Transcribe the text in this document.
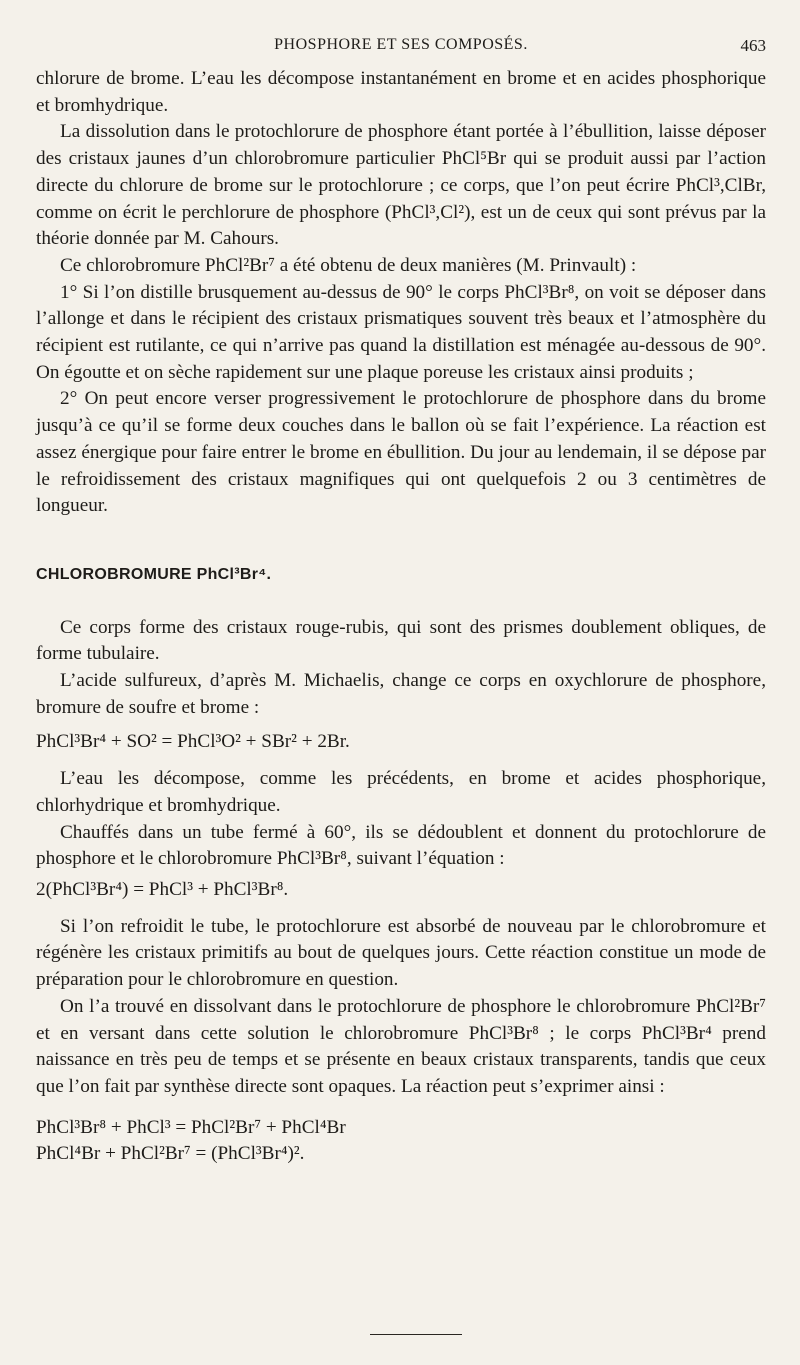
PHOSPHORE ET SES COMPOSÉS.	463

chlorure de brome. L’eau les décompose instantanément en brome et en acides phosphorique et bromhydrique.

La dissolution dans le protochlorure de phosphore étant portée à l’ébullition, laisse déposer des cristaux jaunes d’un chlorobromure particulier PhCl⁵Br qui se produit aussi par l’action directe du chlorure de brome sur le protochlorure ; ce corps, que l’on peut écrire PhCl³,ClBr, comme on écrit le perchlorure de phosphore (PhCl³,Cl²), est un de ceux qui sont prévus par la théorie donnée par M. Cahours.

Ce chlorobromure PhCl²Br⁷ a été obtenu de deux manières (M. Prinvault) :

1° Si l’on distille brusquement au-dessus de 90° le corps PhCl³Br⁸, on voit se déposer dans l’allonge et dans le récipient des cristaux prismatiques souvent très beaux et l’atmosphère du récipient est rutilante, ce qui n’arrive pas quand la distillation est ménagée au-dessous de 90°. On égoutte et on sèche rapidement sur une plaque poreuse les cristaux ainsi produits ;

2° On peut encore verser progressivement le protochlorure de phosphore dans du brome jusqu’à ce qu’il se forme deux couches dans le ballon où se fait l’expérience. La réaction est assez énergique pour faire entrer le brome en ébullition. Du jour au lendemain, il se dépose par le refroidissement des cristaux magnifiques qui ont quelquefois 2 ou 3 centimètres de longueur.

CHLOROBROMURE PhCl³Br⁴.

Ce corps forme des cristaux rouge-rubis, qui sont des prismes doublement obliques, de forme tubulaire.

L’acide sulfureux, d’après M. Michaelis, change ce corps en oxychlorure de phosphore, bromure de soufre et brome :

PhCl³Br⁴ + SO² = PhCl³O² + SBr² + 2Br.

L’eau les décompose, comme les précédents, en brome et acides phosphorique, chlorhydrique et bromhydrique.

Chauffés dans un tube fermé à 60°, ils se dédoublent et donnent du protochlorure de phosphore et le chlorobromure PhCl³Br⁸, suivant l’équation :

2(PhCl³Br⁴) = PhCl³ + PhCl³Br⁸.

Si l’on refroidit le tube, le protochlorure est absorbé de nouveau par le chlorobromure et régénère les cristaux primitifs au bout de quelques jours. Cette réaction constitue un mode de préparation pour le chlorobromure en question.

On l’a trouvé en dissolvant dans le protochlorure de phosphore le chlorobromure PhCl²Br⁷ et en versant dans cette solution le chlorobromure PhCl³Br⁸ ; le corps PhCl³Br⁴ prend naissance en très peu de temps et se présente en beaux cristaux transparents, tandis que ceux que l’on fait par synthèse directe sont opaques. La réaction peut s’exprimer ainsi :

PhCl³Br⁸ + PhCl³ = PhCl²Br⁷ + PhCl⁴Br

PhCl⁴Br + PhCl²Br⁷ = (PhCl³Br⁴)².
